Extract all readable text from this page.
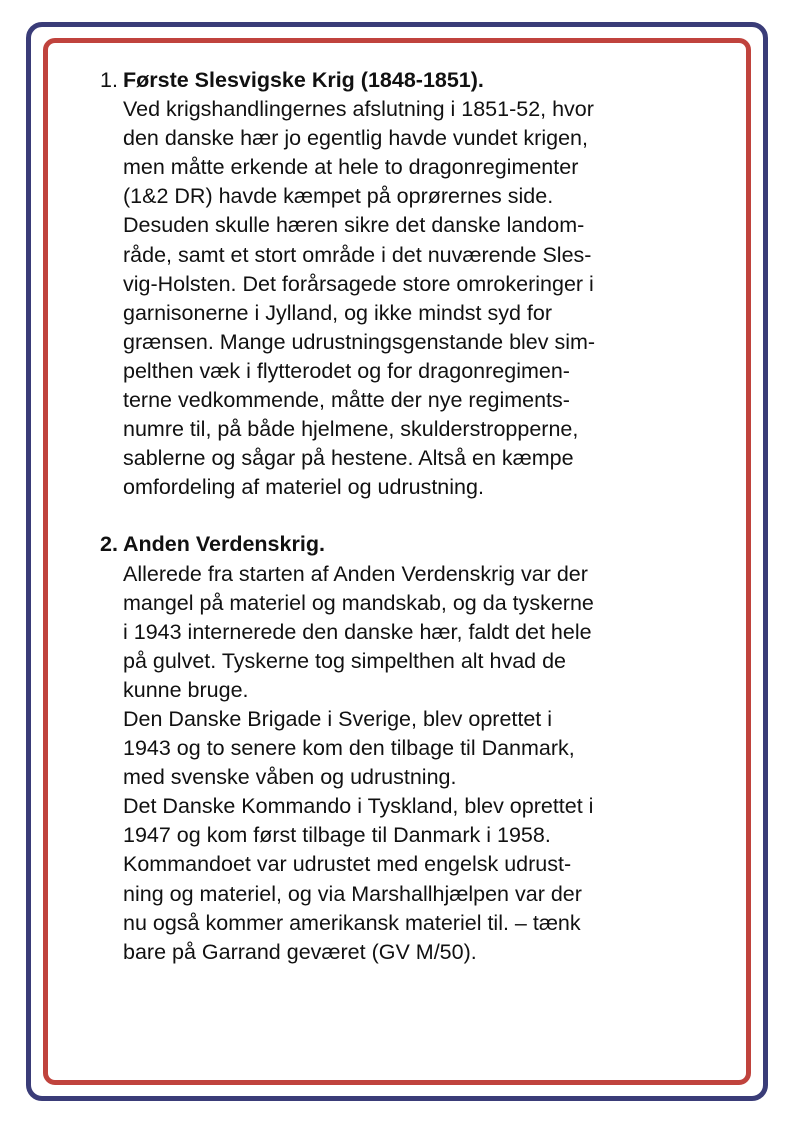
1. Første Slesvigske Krig (1848-1851).
Ved krigshandlingernes afslutning i 1851-52, hvor
den danske hær jo egentlig havde vundet krigen,
men måtte erkende at hele to dragonregimenter
(1&2 DR) havde kæmpet på oprørernes side.
Desuden skulle hæren sikre det danske landom-
råde, samt et stort område i det nuværende Sles-
vig-Holsten. Det forårsagede store omrokeringer i
garnisonerne i Jylland, og ikke mindst syd for
grænsen. Mange udrustningsgenstande blev sim-
pelthen væk i flytterodet og for dragonregimen-
terne vedkommende, måtte der nye regiments-
numre til, på både hjelmene, skulderstropperne,
sablerne og sågar på hestene. Altså en kæmpe
omfordeling af materiel og udrustning.
2. Anden Verdenskrig.
Allerede fra starten af Anden Verdenskrig var der
mangel på materiel og mandskab, og da tyskerne
i 1943 internerede den danske hær, faldt det hele
på gulvet. Tyskerne tog simpelthen alt hvad de
kunne bruge.
Den Danske Brigade i Sverige, blev oprettet i
1943 og to senere kom den tilbage til Danmark,
med svenske våben og udrustning.
Det Danske Kommando i Tyskland, blev oprettet i
1947 og kom først tilbage til Danmark i 1958.
Kommandoet var udrustet med engelsk udrust-
ning og materiel, og via Marshallhjælpen var der
nu også kommer amerikansk materiel til. – tænk
bare på Garrand geværet (GV M/50).
